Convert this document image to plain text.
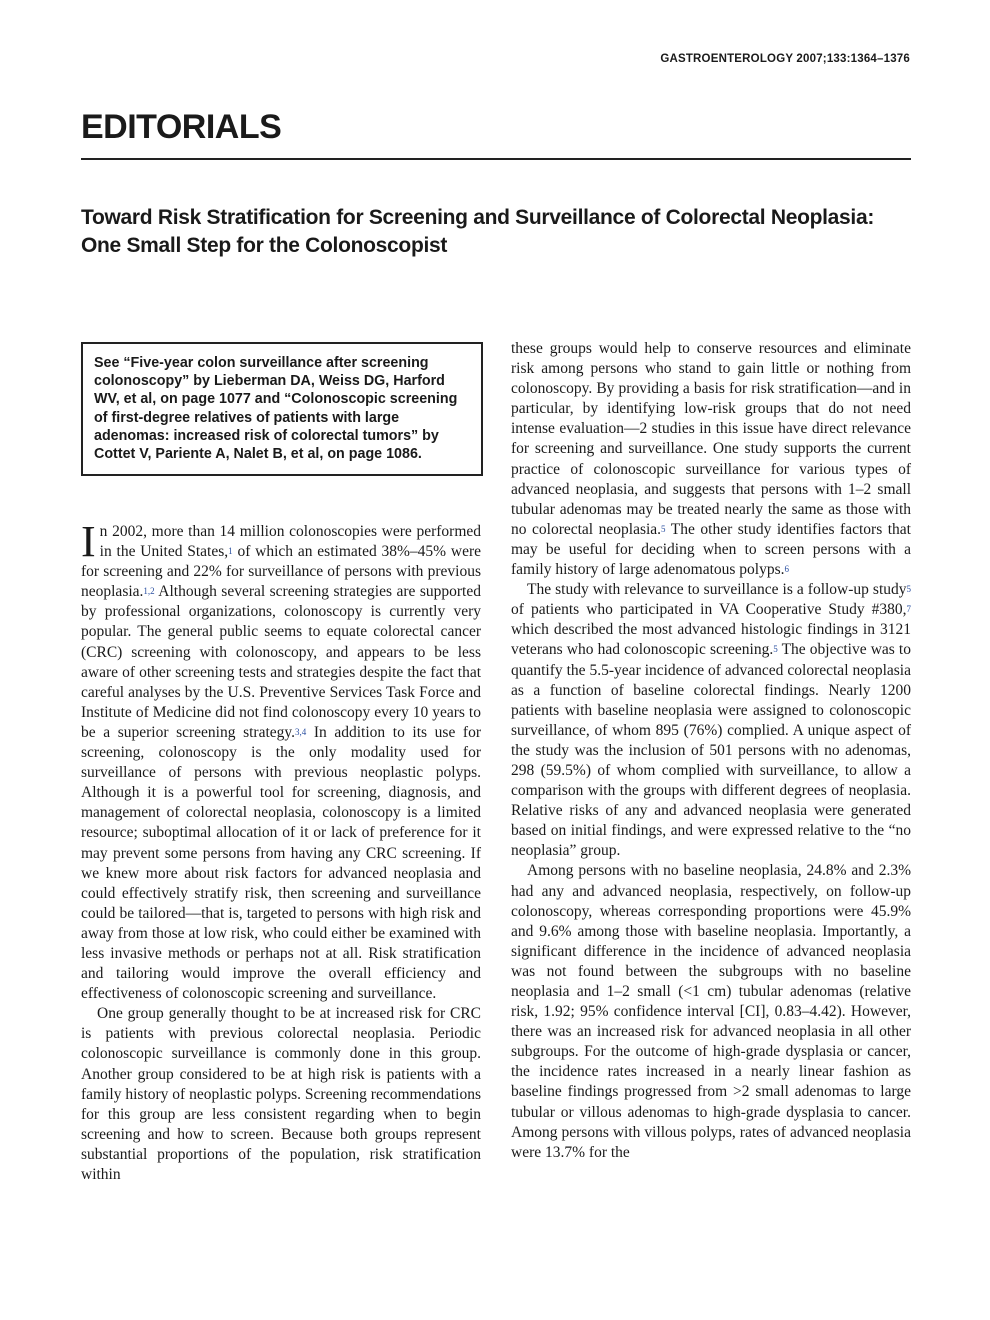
GASTROENTEROLOGY 2007;133:1364–1376
EDITORIALS
Toward Risk Stratification for Screening and Surveillance of Colorectal Neoplasia: One Small Step for the Colonoscopist
See “Five-year colon surveillance after screening colonoscopy” by Lieberman DA, Weiss DG, Harford WV, et al, on page 1077 and “Colonoscopic screening of first-degree relatives of patients with large adenomas: increased risk of colorectal tumors” by Cottet V, Pariente A, Nalet B, et al, on page 1086.

In 2002, more than 14 million colonoscopies were performed in the United States,$^1$ of which an estimated 38%–45% were for screening and 22% for surveillance of persons with previous neoplasia.$^{1,2}$ Although several screening strategies are supported by professional organizations, colonoscopy is currently very popular. The general public seems to equate colorectal cancer (CRC) screening with colonoscopy, and appears to be less aware of other screening tests and strategies despite the fact that careful analyses by the U.S. Preventive Services Task Force and Institute of Medicine did not find colonoscopy every 10 years to be a superior screening strategy.$^{3,4}$ In addition to its use for screening, colonoscopy is the only modality used for surveillance of persons with previous neoplastic polyps. Although it is a powerful tool for screening, diagnosis, and management of colorectal neoplasia, colonoscopy is a limited resource; suboptimal allocation of it or lack of preference for it may prevent some persons from having any CRC screening. If we knew more about risk factors for advanced neoplasia and could effectively stratify risk, then screening and surveillance could be tailored—that is, targeted to persons with high risk and away from those at low risk, who could either be examined with less invasive methods or perhaps not at all. Risk stratification and tailoring would improve the overall efficiency and effectiveness of colonoscopic screening and surveillance.

One group generally thought to be at increased risk for CRC is patients with previous colorectal neoplasia. Periodic colonoscopic surveillance is commonly done in this group. Another group considered to be at high risk is patients with a family history of neoplastic polyps. Screening recommendations for this group are less consistent regarding when to begin screening and how to screen. Because both groups represent substantial proportions of the population, risk stratification within

these groups would help to conserve resources and eliminate risk among persons who stand to gain little or nothing from colonoscopy. By providing a basis for risk stratification—and in particular, by identifying low-risk groups that do not need intense evaluation—2 studies in this issue have direct relevance for screening and surveillance. One study supports the current practice of colonoscopic surveillance for various types of advanced neoplasia, and suggests that persons with 1–2 small tubular adenomas may be treated nearly the same as those with no colorectal neoplasia.$^5$ The other study identifies factors that may be useful for deciding when to screen persons with a family history of large adenomatous polyps.$^6$

The study with relevance to surveillance is a follow-up study$^5$ of patients who participated in VA Cooperative Study #380,$^7$ which described the most advanced histologic findings in 3121 veterans who had colonoscopic screening.$^5$ The objective was to quantify the 5.5-year incidence of advanced colorectal neoplasia as a function of baseline colorectal findings. Nearly 1200 patients with baseline neoplasia were assigned to colonoscopic surveillance, of whom 895 (76%) complied. A unique aspect of the study was the inclusion of 501 persons with no adenomas, 298 (59.5%) of whom complied with surveillance, to allow a comparison with the groups with different degrees of neoplasia. Relative risks of any and advanced neoplasia were generated based on initial findings, and were expressed relative to the “no neoplasia” group.

Among persons with no baseline neoplasia, 24.8% and 2.3% had any and advanced neoplasia, respectively, on follow-up colonoscopy, whereas corresponding proportions were 45.9% and 9.6% among those with baseline neoplasia. Importantly, a significant difference in the incidence of advanced neoplasia was not found between the subgroups with no baseline neoplasia and 1–2 small (<1 cm) tubular adenomas (relative risk, 1.92; 95% confidence interval [CI], 0.83–4.42). However, there was an increased risk for advanced neoplasia in all other subgroups. For the outcome of high-grade dysplasia or cancer, the incidence rates increased in a nearly linear fashion as baseline findings progressed from >2 small adenomas to large tubular or villous adenomas to high-grade dysplasia to cancer. Among persons with villous polyps, rates of advanced neoplasia were 13.7% for the
